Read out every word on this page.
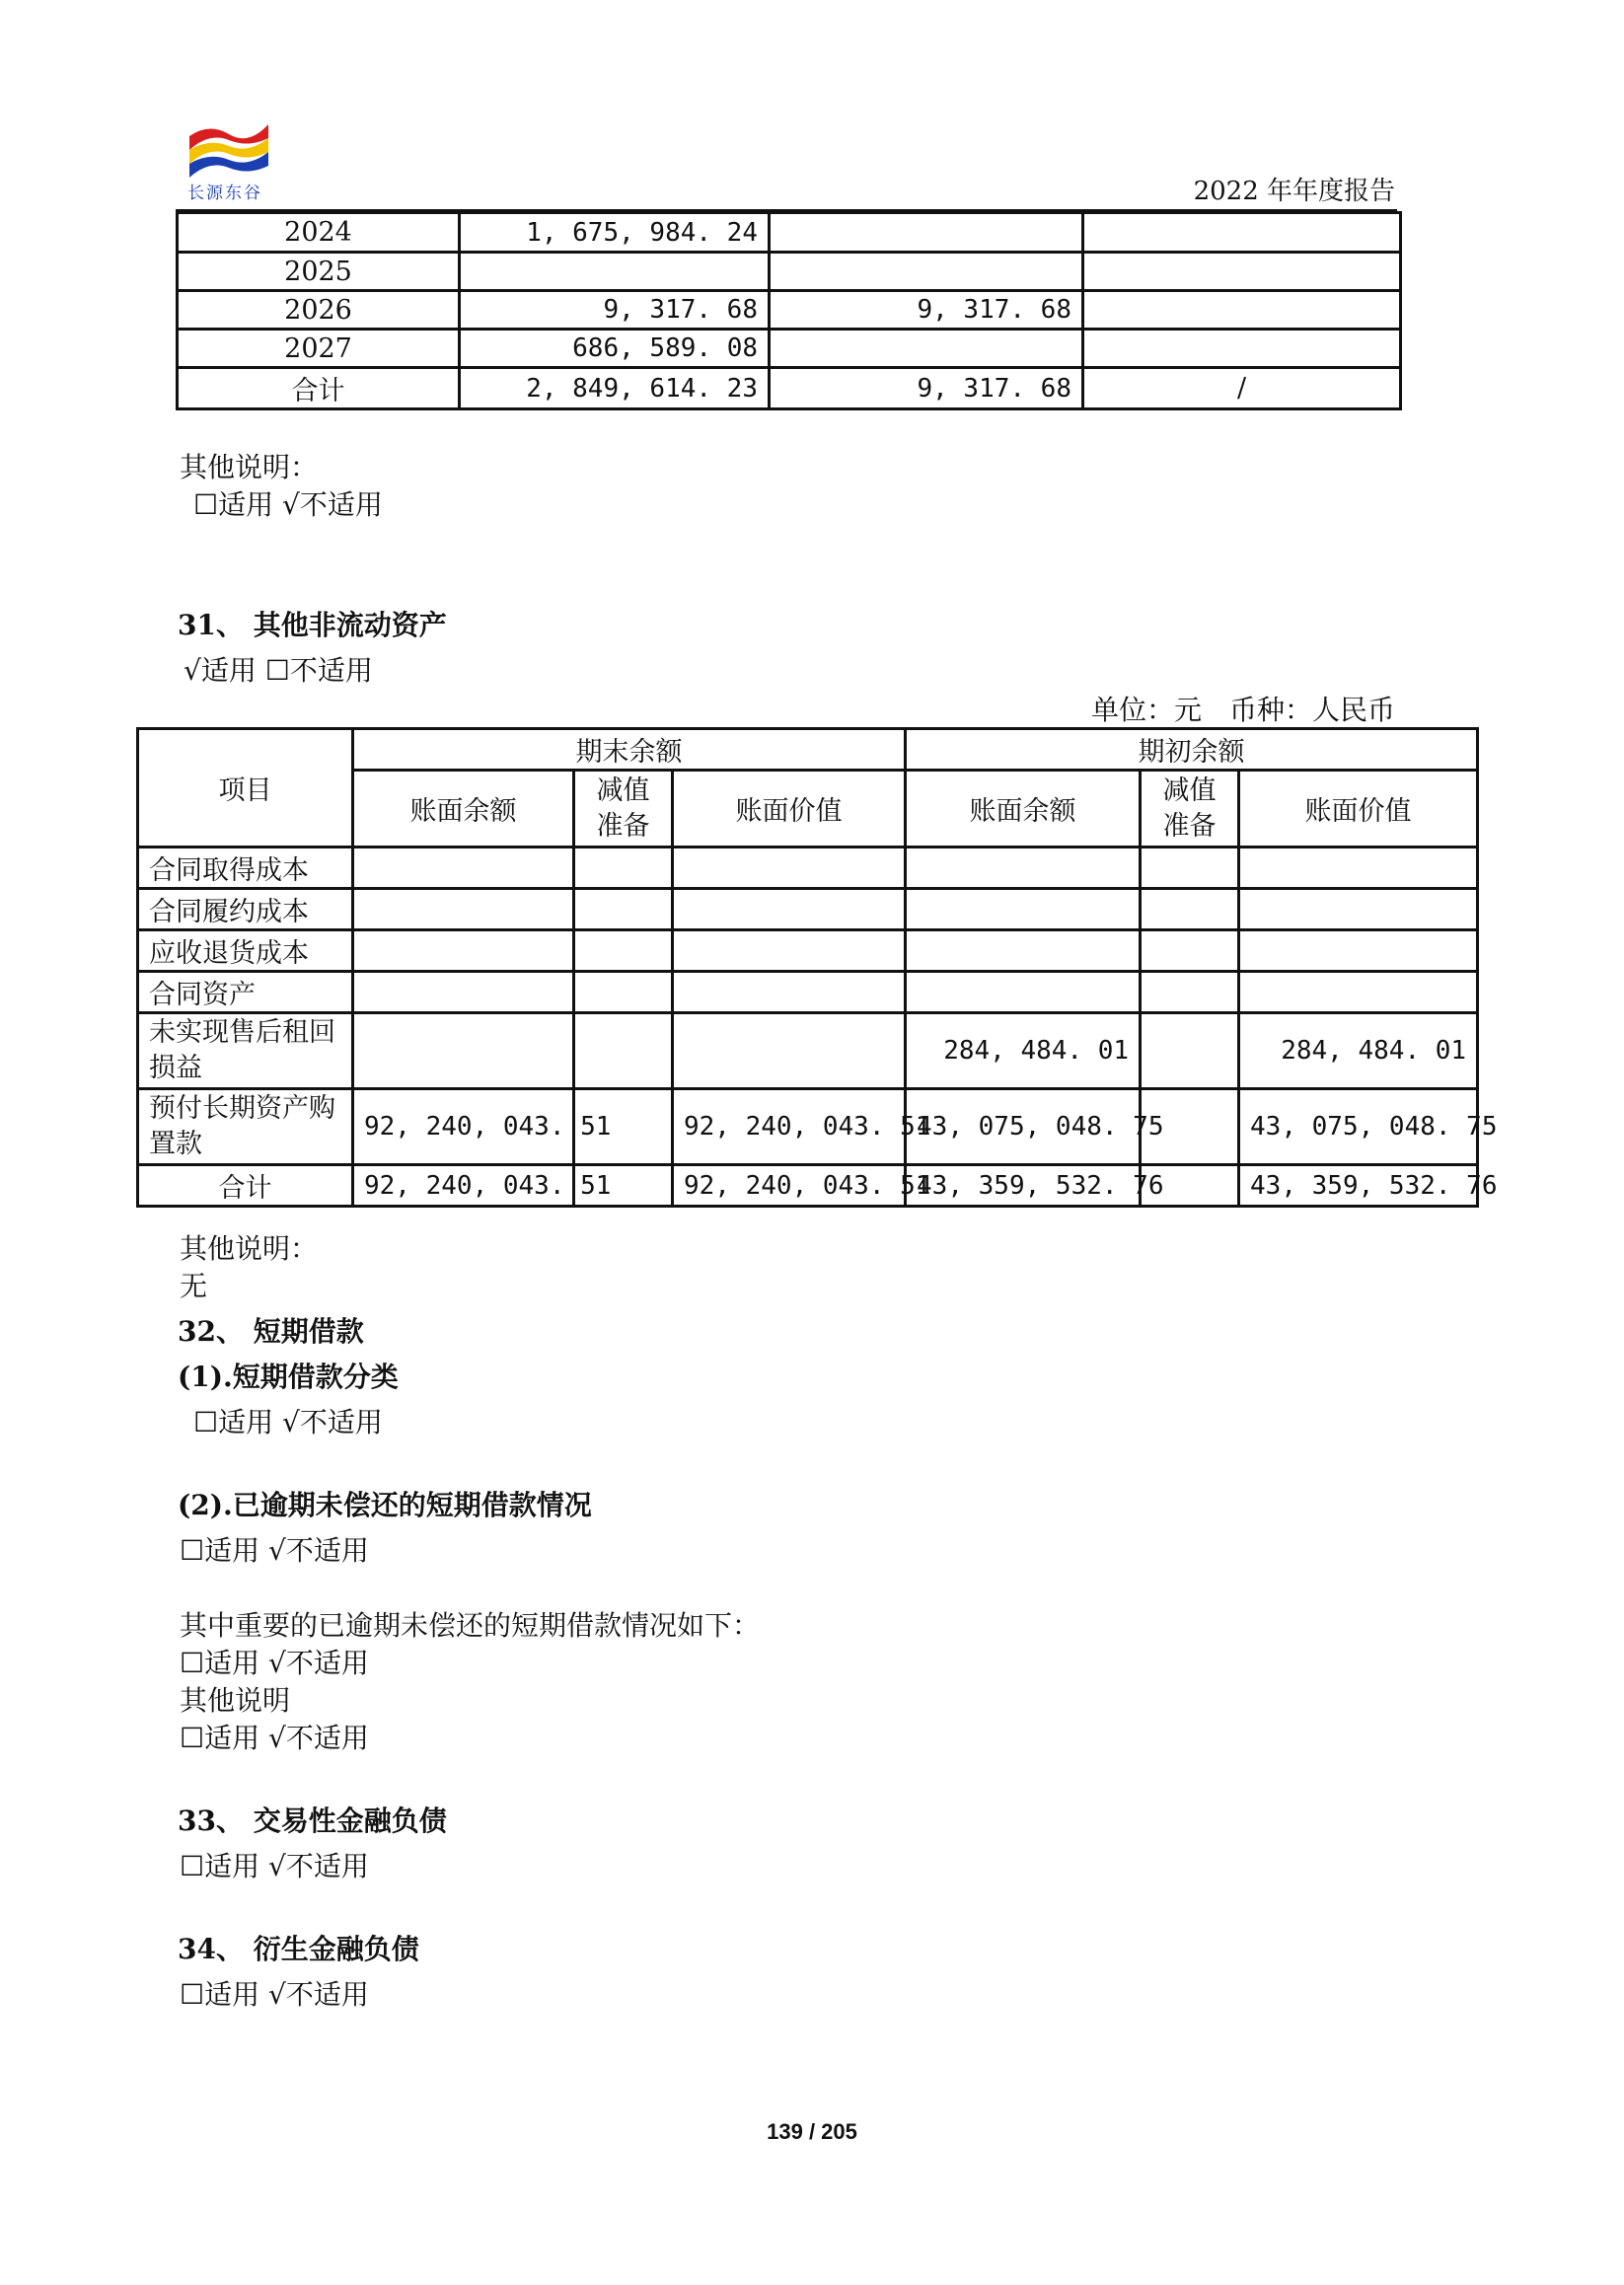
长源东谷	2022 年年度报告
2024	1, 675, 984. 24		
2025			
2026	9, 317. 68	9, 317. 68	
2027	686, 589. 08		
合计	2, 849, 614. 23	9, 317. 68	/
其他说明：
☐适用 √不适用
31、 其他非流动资产
√适用 ☐不适用
单位：元　币种：人民币
项目	期末余额			期初余额		
	账面余额	减值准备	账面价值	账面余额	减值准备	账面价值
合同取得成本						
合同履约成本						
应收退货成本						
合同资产						
未实现售后租回损益				284, 484. 01		284, 484. 01
预付长期资产购置款	92, 240, 043. 51		92, 240, 043. 51	43, 075, 048. 75		43, 075, 048. 75
合计	92, 240, 043. 51		92, 240, 043. 51	43, 359, 532. 76		43, 359, 532. 76
其他说明：
无
32、 短期借款
(1).短期借款分类
☐适用 √不适用
(2).已逾期未偿还的短期借款情况
☐适用 √不适用
其中重要的已逾期未偿还的短期借款情况如下：
☐适用 √不适用
其他说明
☐适用 √不适用
33、 交易性金融负债
☐适用 √不适用
34、 衍生金融负债
☐适用 √不适用
139 / 205
